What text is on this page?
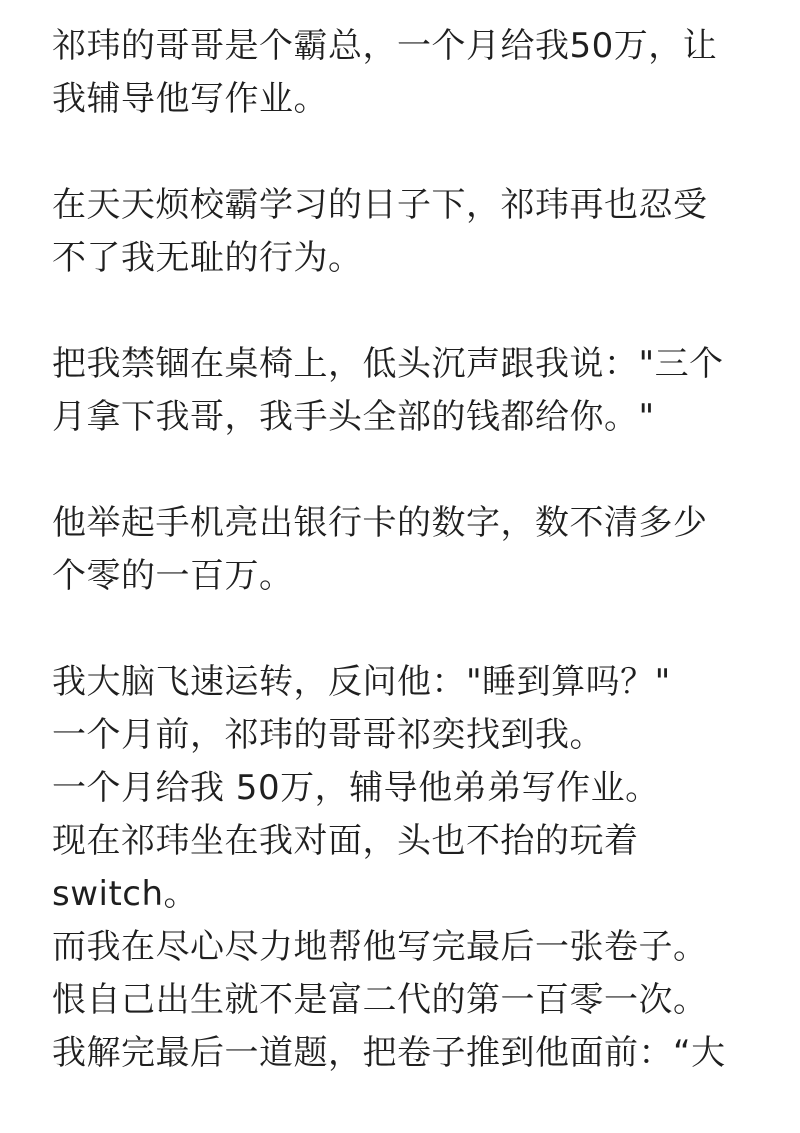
祁玮的哥哥是个霸总，一个月给我50万，让
我辅导他写作业。

在天天烦校霸学习的日子下，祁玮再也忍受
不了我无耻的行为。

把我禁锢在桌椅上，低头沉声跟我说："三个
月拿下我哥，我手头全部的钱都给你。"

他举起手机亮出银行卡的数字，数不清多少
个零的一百万。

我大脑飞速运转，反问他："睡到算吗？"
一个月前，祁玮的哥哥祁奕找到我。
一个月给我 50万，辅导他弟弟写作业。
现在祁玮坐在我对面，头也不抬的玩着
switch。
而我在尽心尽力地帮他写完最后一张卷子。
恨自己出生就不是富二代的第一百零一次。
我解完最后一道题，把卷子推到他面前：“大
